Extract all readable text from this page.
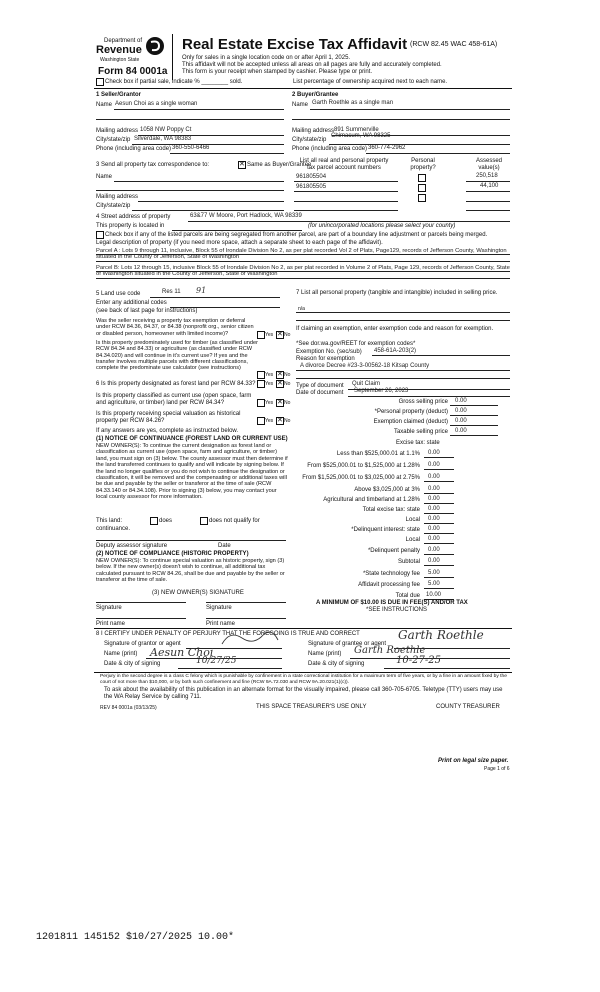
Department of
Revenue
Washington State
Form 84 0001a
Real Estate Excise Tax Affidavit (RCW 82.45 WAC 458-61A)
Only for sales in a single location code on or after April 1, 2025.
This affidavit will not be accepted unless all areas on all pages are fully and accurately completed.
This form is your receipt when stamped by cashier. Please type or print.
Check box if partial sale, indicate % ________ sold.	List percentage of ownership acquired next to each name.
1 Seller/Grantor
Name Aesun Choi as a single woman
Mailing address 1058 NW Poppy Ct
City/state/zip Silverdale, WA 98383
Phone (including area code) 360-550-6466
2 Buyer/Grantee
Name Garth Roethle as a single man
Mailing address 891 Summerville
City/state/zip
Chimacum, WA 98325
Phone (including area code) 360-774-2962
3 Send all property tax correspondence to:	✕ Same as Buyer/Grantee
Name
Mailing address
City/state/zip
List all real and personal property tax parcel account numbers
Personal property?
Assessed value(s)
961805504	250,518
961805505	44,100
4 Street address of property	63&77 W Moore, Port Hadlock, WA 98339
This property is located in	(for unincorporated locations please select your county)
Check box if any of the listed parcels are being segregated from another parcel, are part of a boundary line adjustment or parcels being merged.
Legal description of property (if you need more space, attach a separate sheet to each page of the affidavit).
Parcel A : Lots 9 through 11, inclusive, Block 55 of Irondale Division No 2, as per plat recorded Vol 2 of Plats, Page129, records of Jefferson County, Washington situated in the County of Jefferson, State of Washington
Parcel B: Lots 12 through 15, inclusive Block 55 of Irondale Division No 2, as per plat recorded in Volume 2 of Plats, Page 129, records of Jefferson County, State of Washington situated in the County of Jefferson, State of Washington
5 Land use code	Res 11 91
Enter any additional codes
(see back of last page for instructions)
Was the seller receiving a property tax exemption or deferral under RCW 84.36, 84.37, or 84.38 (nonprofit org., senior citizen or disabled person, homeowner with limited income)?	Yes ✕ No
Is this property predominately used for timber (as classified under RCW 84.34 and 84.33) or agriculture (as classified under RCW 84.34.020) and will continue in it's current use? If yes and the transfer involves multiple parcels with different classifications, complete the predominate use calculator (see instructions)
Yes ✕ No
6 Is this property designated as forest land per RCW 84.33? Yes ✕ No
Is this property classified as current use (open space, farm and agriculture, or timber) land per RCW 84.34?	Yes ✕ No
Is this property receiving special valuation as historical property per RCW 84.26?	Yes ✕ No
If any answers are yes, complete as instructed below.
(1) NOTICE OF CONTINUANCE (FOREST LAND OR CURRENT USE)
NEW OWNER(S): To continue the current designation as forest land or classification as current use (open space, farm and agriculture, or timber) land, you must sign on (3) below. The county assessor must then determine if the land transferred continues to qualify and will indicate by signing below. If the land no longer qualifies or you do not wish to continue the designation or classification, it will be removed and the compensating or additional taxes will be due and payable by the seller or transferor at the time of sale (RCW 84.33.140 or 84.34.108). Prior to signing (3) below, you may contact your local county assessor for more information.
This land:	does	does not qualify for
continuance.
Deputy assessor signature	Date
(2) NOTICE OF COMPLIANCE (HISTORIC PROPERTY)
NEW OWNER(S): To continue special valuation as historic property, sign (3) below. If the new owner(s) doesn't wish to continue, all additional tax calculated pursuant to RCW 84.26, shall be due and payable by the seller or transferor at the time of sale.
(3) NEW OWNER(S) SIGNATURE
Signature	Signature
Print name	Print name
7 List all personal property (tangible and intangible) included in selling price.
n/a
If claiming an exemption, enter exemption code and reason for exemption.
*See dor.wa.gov/REET for exemption codes*
Exemption No. (sec/sub) 458-61A-203(2)
Reason for exemption
A divorce Decree #23-3-00562-18 Kitsap County
Type of document Quit Claim
Date of document September 26, 2023
Gross selling price 0.00
*Personal property (deduct) 0.00
Exemption claimed (deduct) 0.00
Taxable selling price 0.00
Excise tax: state
Less than $525,000.01 at 1.1% 0.00
From $525,000.01 to $1,525,000 at 1.28% 0.00
From $1,525,000.01 to $3,025,000 at 2.75% 0.00
Above $3,025,000 at 3% 0.00
Agricultural and timberland at 1.28% 0.00
Total excise tax: state 0.00
Local 0.00
*Delinquent interest: state 0.00
Local 0.00
*Delinquent penalty 0.00
Subtotal 0.00
*State technology fee 5.00
Affidavit processing fee 5.00
Total due 10.00
A MINIMUM OF $10.00 IS DUE IN FEE(S) AND/OR TAX
*SEE INSTRUCTIONS
8 I CERTIFY UNDER PENALTY OF PERJURY THAT THE FOREGOING IS TRUE AND CORRECT
Signature of grantor or agent
Name (print) Aesun Choi
Date & city of signing	10/27/25
Signature of grantee or agent
Garth Roethle
Name (print) Garth Roethle
Date & city of signing	10-27-25
Perjury in the second degree is a class C felony which is punishable by confinement in a state correctional institution for a maximum term of five years, or by a fine in an amount fixed by the court of not more than $10,000, or by both such confinement and fine (RCW 9A.72.030 and RCW 9A.20.021(1)(c)).
To ask about the availability of this publication in an alternate format for the visually impaired, please call 360-705-6705. Teletype (TTY) users may use the WA Relay Service by calling 711.
REV 84 0001a (03/13/25)	THIS SPACE TREASURER'S USE ONLY	COUNTY TREASURER
Print on legal size paper.
Page 1 of 6
1201811 145152 $10/27/2025 10.00*
